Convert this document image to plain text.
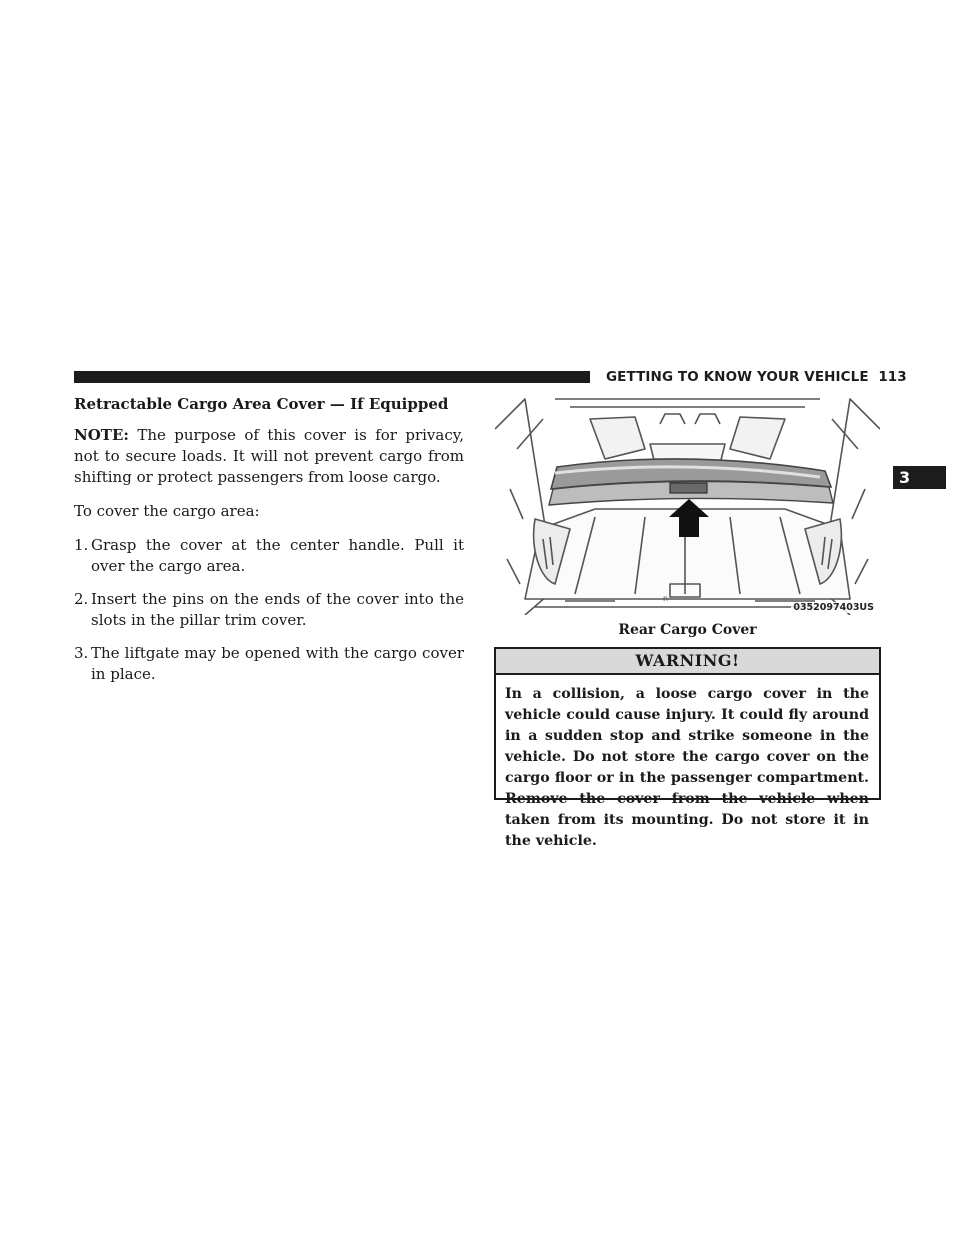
GETTING TO KNOW YOUR VEHICLE 113
3

Retractable Cargo Area Cover — If Equipped

NOTE: The purpose of this cover is for privacy, not to secure loads. It will not prevent cargo from shifting or protect passengers from loose cargo.

To cover the cargo area:

1. Grasp the cover at the center handle. Pull it over the cargo area.
2. Insert the pins on the ends of the cover into the slots in the pillar trim cover.
3. The liftgate may be opened with the cargo cover in place.
n
0352097403US
Rear Cargo Cover
WARNING!
In a collision, a loose cargo cover in the vehicle could cause injury. It could fly around in a sudden stop and strike someone in the vehicle. Do not store the cargo cover on the cargo floor or in the passenger compartment. Remove the cover from the vehicle when taken from its mounting. Do not store it in the vehicle.
